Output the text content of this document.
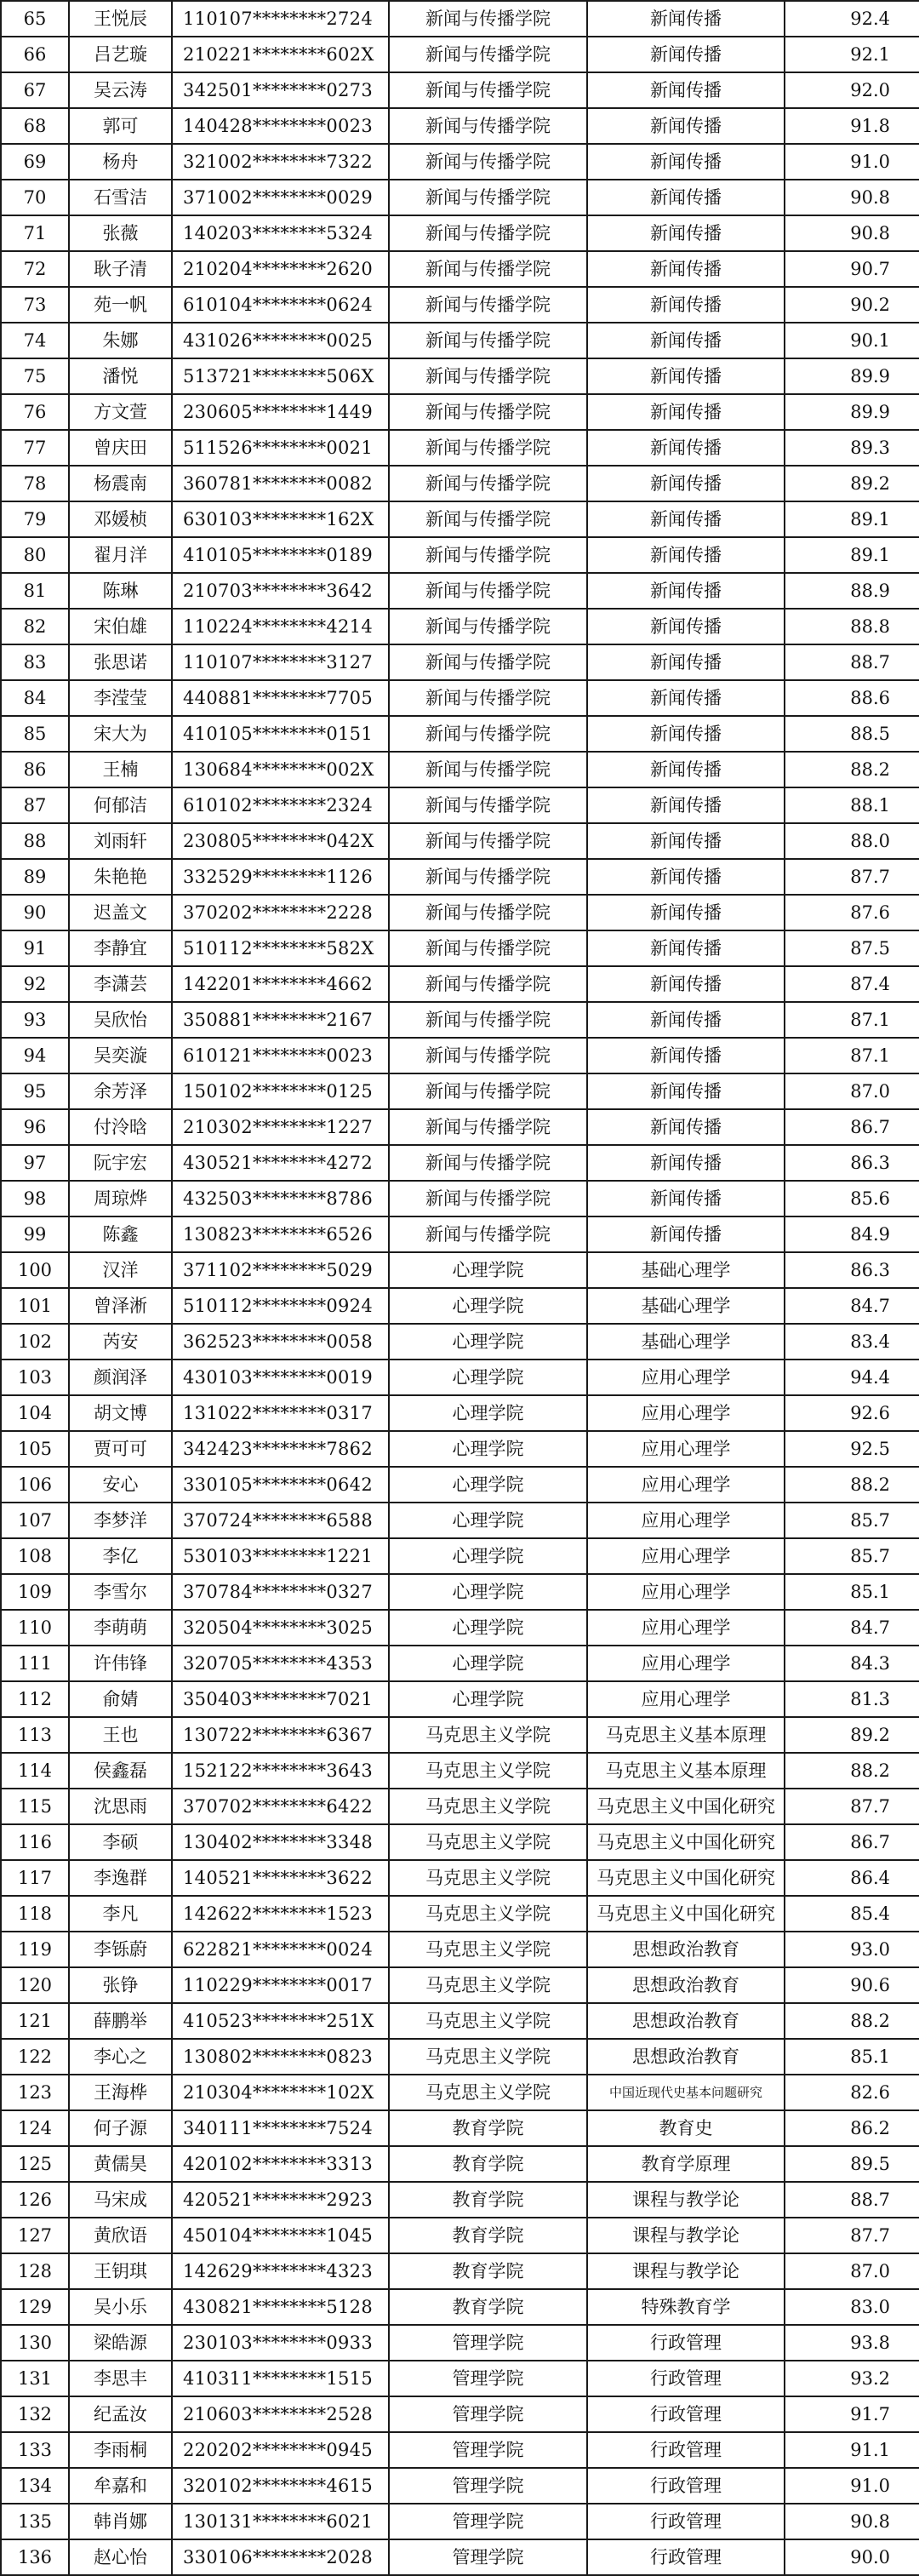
65	王悦辰	110107********2724	新闻与传播学院	新闻传播	92.4
66	吕艺璇	210221********602X	新闻与传播学院	新闻传播	92.1
67	吴云涛	342501********0273	新闻与传播学院	新闻传播	92.0
68	郭可	140428********0023	新闻与传播学院	新闻传播	91.8
69	杨舟	321002********7322	新闻与传播学院	新闻传播	91.0
70	石雪洁	371002********0029	新闻与传播学院	新闻传播	90.8
71	张薇	140203********5324	新闻与传播学院	新闻传播	90.8
72	耿子清	210204********2620	新闻与传播学院	新闻传播	90.7
73	苑一帆	610104********0624	新闻与传播学院	新闻传播	90.2
74	朱娜	431026********0025	新闻与传播学院	新闻传播	90.1
75	潘悦	513721********506X	新闻与传播学院	新闻传播	89.9
76	方文萱	230605********1449	新闻与传播学院	新闻传播	89.9
77	曾庆田	511526********0021	新闻与传播学院	新闻传播	89.3
78	杨震南	360781********0082	新闻与传播学院	新闻传播	89.2
79	邓媛桢	630103********162X	新闻与传播学院	新闻传播	89.1
80	翟月洋	410105********0189	新闻与传播学院	新闻传播	89.1
81	陈琳	210703********3642	新闻与传播学院	新闻传播	88.9
82	宋伯雄	110224********4214	新闻与传播学院	新闻传播	88.8
83	张思诺	110107********3127	新闻与传播学院	新闻传播	88.7
84	李滢莹	440881********7705	新闻与传播学院	新闻传播	88.6
85	宋大为	410105********0151	新闻与传播学院	新闻传播	88.5
86	王楠	130684********002X	新闻与传播学院	新闻传播	88.2
87	何郁洁	610102********2324	新闻与传播学院	新闻传播	88.1
88	刘雨轩	230805********042X	新闻与传播学院	新闻传播	88.0
89	朱艳艳	332529********1126	新闻与传播学院	新闻传播	87.7
90	迟盖文	370202********2228	新闻与传播学院	新闻传播	87.6
91	李静宜	510112********582X	新闻与传播学院	新闻传播	87.5
92	李潇芸	142201********4662	新闻与传播学院	新闻传播	87.4
93	吴欣怡	350881********2167	新闻与传播学院	新闻传播	87.1
94	吴奕漩	610121********0023	新闻与传播学院	新闻传播	87.1
95	余芳泽	150102********0125	新闻与传播学院	新闻传播	87.0
96	付泠晗	210302********1227	新闻与传播学院	新闻传播	86.7
97	阮宇宏	430521********4272	新闻与传播学院	新闻传播	86.3
98	周琼烨	432503********8786	新闻与传播学院	新闻传播	85.6
99	陈鑫	130823********6526	新闻与传播学院	新闻传播	84.9
100	汉洋	371102********5029	心理学院	基础心理学	86.3
101	曾泽淅	510112********0924	心理学院	基础心理学	84.7
102	芮安	362523********0058	心理学院	基础心理学	83.4
103	颜润泽	430103********0019	心理学院	应用心理学	94.4
104	胡文博	131022********0317	心理学院	应用心理学	92.6
105	贾可可	342423********7862	心理学院	应用心理学	92.5
106	安心	330105********0642	心理学院	应用心理学	88.2
107	李梦洋	370724********6588	心理学院	应用心理学	85.7
108	李亿	530103********1221	心理学院	应用心理学	85.7
109	李雪尔	370784********0327	心理学院	应用心理学	85.1
110	李萌萌	320504********3025	心理学院	应用心理学	84.7
111	许伟锋	320705********4353	心理学院	应用心理学	84.3
112	俞婧	350403********7021	心理学院	应用心理学	81.3
113	王也	130722********6367	马克思主义学院	马克思主义基本原理	89.2
114	侯鑫磊	152122********3643	马克思主义学院	马克思主义基本原理	88.2
115	沈思雨	370702********6422	马克思主义学院	马克思主义中国化研究	87.7
116	李硕	130402********3348	马克思主义学院	马克思主义中国化研究	86.7
117	李逸群	140521********3622	马克思主义学院	马克思主义中国化研究	86.4
118	李凡	142622********1523	马克思主义学院	马克思主义中国化研究	85.4
119	李铄蔚	622821********0024	马克思主义学院	思想政治教育	93.0
120	张铮	110229********0017	马克思主义学院	思想政治教育	90.6
121	薛鹏举	410523********251X	马克思主义学院	思想政治教育	88.2
122	李心之	130802********0823	马克思主义学院	思想政治教育	85.1
123	王海桦	210304********102X	马克思主义学院	中国近现代史基本问题研究	82.6
124	何子源	340111********7524	教育学院	教育史	86.2
125	黄儒昊	420102********3313	教育学院	教育学原理	89.5
126	马宋成	420521********2923	教育学院	课程与教学论	88.7
127	黄欣语	450104********1045	教育学院	课程与教学论	87.7
128	王钥琪	142629********4323	教育学院	课程与教学论	87.0
129	吴小乐	430821********5128	教育学院	特殊教育学	83.0
130	梁皓源	230103********0933	管理学院	行政管理	93.8
131	李思丰	410311********1515	管理学院	行政管理	93.2
132	纪孟汝	210603********2528	管理学院	行政管理	91.7
133	李雨桐	220202********0945	管理学院	行政管理	91.1
134	牟嘉和	320102********4615	管理学院	行政管理	91.0
135	韩肖娜	130131********6021	管理学院	行政管理	90.8
136	赵心怡	330106********2028	管理学院	行政管理	90.0
